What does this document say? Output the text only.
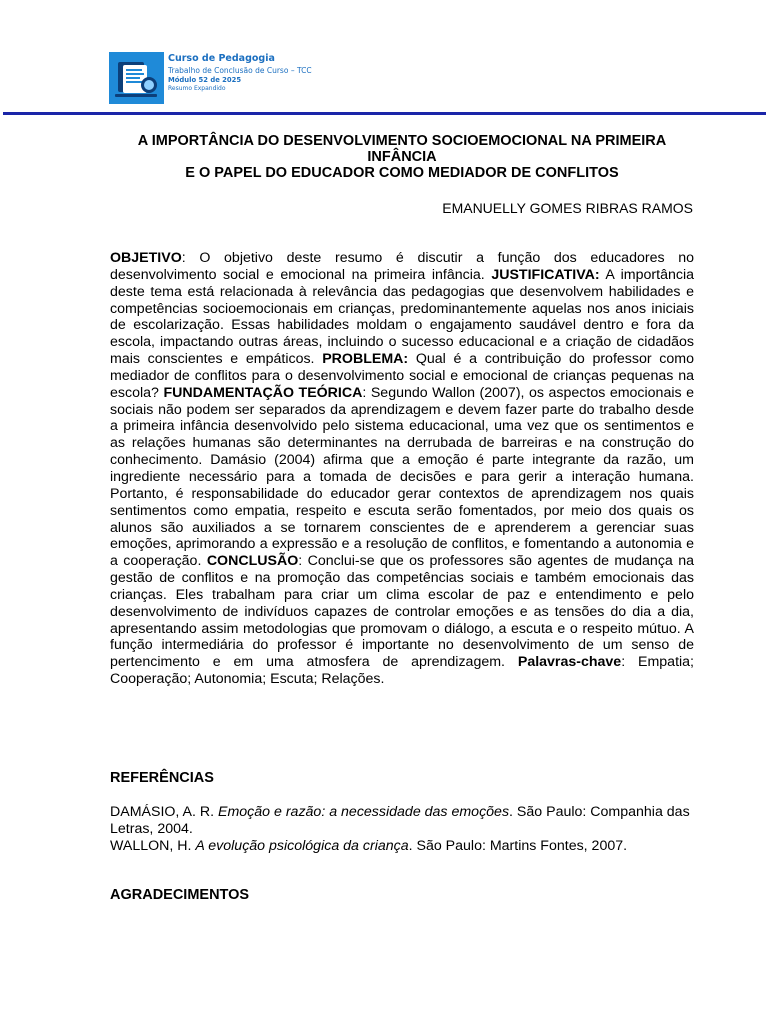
Curso de Pedagogia
Trabalho de Conclusão de Curso – TCC
Módulo 52 de 2025
Resumo Expandido
A IMPORTÂNCIA DO DESENVOLVIMENTO SOCIOEMOCIONAL NA PRIMEIRA INFÂNCIA
E O PAPEL DO EDUCADOR COMO MEDIADOR DE CONFLITOS
EMANUELLY GOMES RIBRAS RAMOS
OBJETIVO: O objetivo deste resumo é discutir a função dos educadores no desenvolvimento social e emocional na primeira infância. JUSTIFICATIVA: A importância deste tema está relacionada à relevância das pedagogias que desenvolvem habilidades e competências socioemocionais em crianças, predominantemente aquelas nos anos iniciais de escolarização. Essas habilidades moldam o engajamento saudável dentro e fora da escola, impactando outras áreas, incluindo o sucesso educacional e a criação de cidadãos mais conscientes e empáticos. PROBLEMA: Qual é a contribuição do professor como mediador de conflitos para o desenvolvimento social e emocional de crianças pequenas na escola? FUNDAMENTAÇÃO TEÓRICA: Segundo Wallon (2007), os aspectos emocionais e sociais não podem ser separados da aprendizagem e devem fazer parte do trabalho desde a primeira infância desenvolvido pelo sistema educacional, uma vez que os sentimentos e as relações humanas são determinantes na derrubada de barreiras e na construção do conhecimento. Damásio (2004) afirma que a emoção é parte integrante da razão, um ingrediente necessário para a tomada de decisões e para gerir a interação humana. Portanto, é responsabilidade do educador gerar contextos de aprendizagem nos quais sentimentos como empatia, respeito e escuta serão fomentados, por meio dos quais os alunos são auxiliados a se tornarem conscientes de e aprenderem a gerenciar suas emoções, aprimorando a expressão e a resolução de conflitos, e fomentando a autonomia e a cooperação. CONCLUSÃO: Conclui-se que os professores são agentes de mudança na gestão de conflitos e na promoção das competências sociais e também emocionais das crianças. Eles trabalham para criar um clima escolar de paz e entendimento e pelo desenvolvimento de indivíduos capazes de controlar emoções e as tensões do dia a dia, apresentando assim metodologias que promovam o diálogo, a escuta e o respeito mútuo. A função intermediária do professor é importante no desenvolvimento de um senso de pertencimento e em uma atmosfera de aprendizagem. Palavras-chave: Empatia; Cooperação; Autonomia; Escuta; Relações.
REFERÊNCIAS
DAMÁSIO, A. R. Emoção e razão: a necessidade das emoções. São Paulo: Companhia das Letras, 2004.
WALLON, H. A evolução psicológica da criança. São Paulo: Martins Fontes, 2007.
AGRADECIMENTOS
